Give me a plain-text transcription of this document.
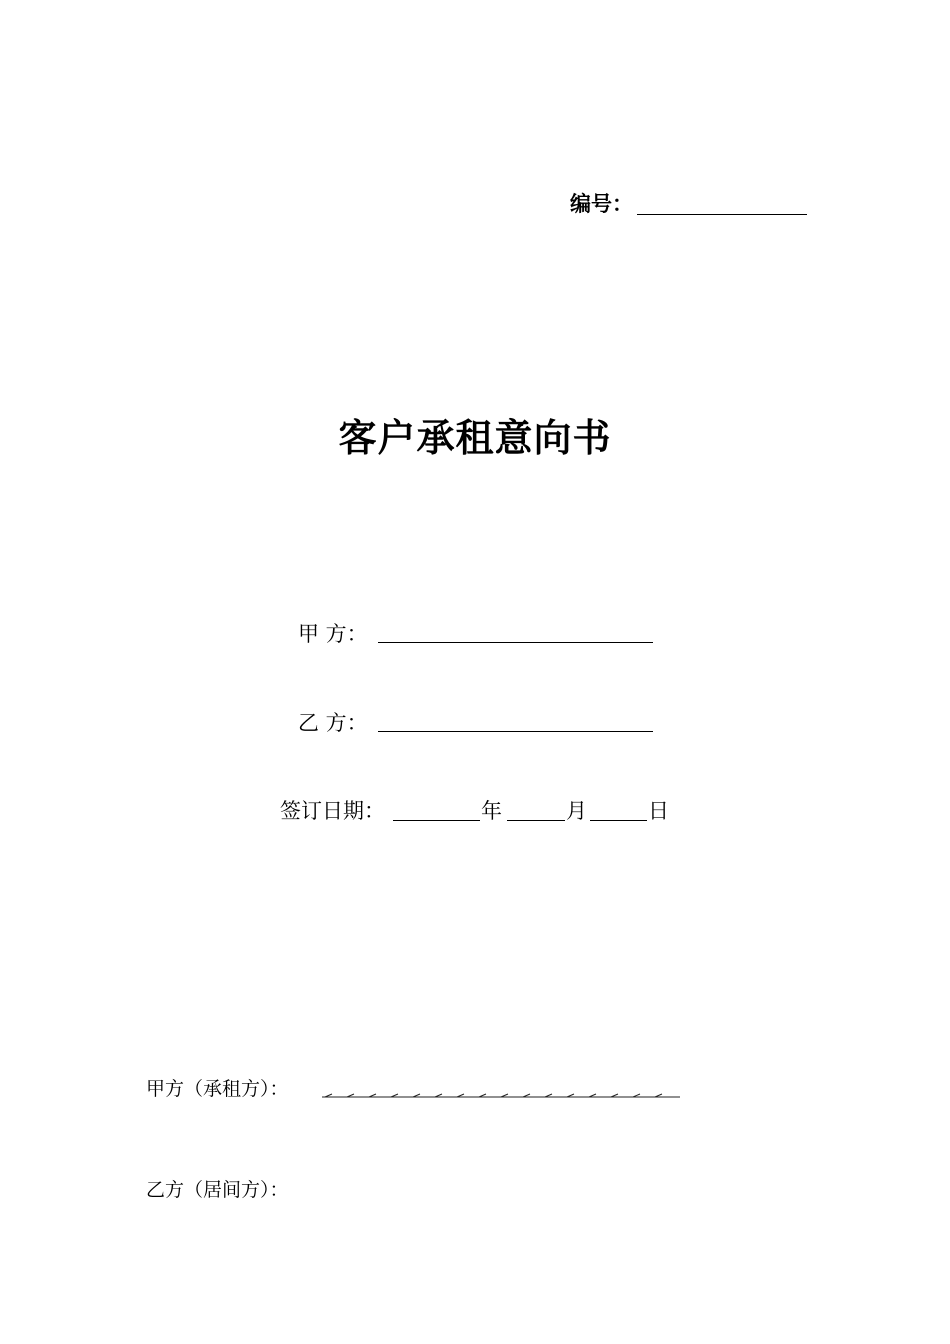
编号：
客户承租意向书
甲 方：
乙 方：
签订日期：	年	月	日
甲方（承租方）：
乙方（居间方）：
